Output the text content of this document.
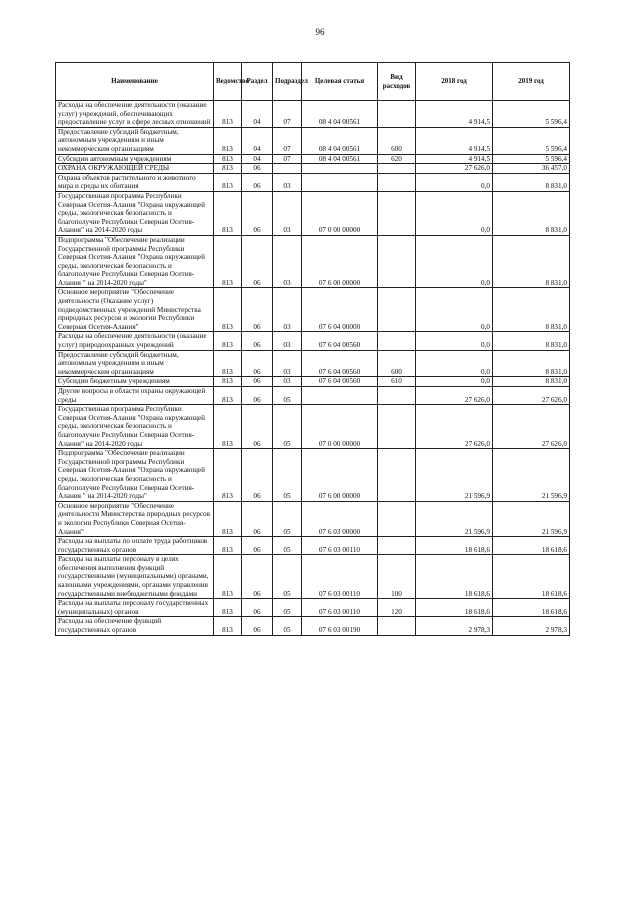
96
Наименование	Ведомство	Раздел	Подраздел	Целевая статья	Вид расходов	2018 год	2019 год
Расходы на обеспечение деятельности (оказание услуг) учреждений, обеспечивающих предоставление услуг в сфере лесных отношений	813	04	07	08 4 04 00561		4 914,5	5 596,4
Предоставление субсидий бюджетным, автономным учреждениям и иным некоммерческим организациям	813	04	07	08 4 04 00561	600	4 914,5	5 596,4
Субсидии автономным учреждениям	813	04	07	08 4 04 00561	620	4 914,5	5 596,4
ОХРАНА ОКРУЖАЮЩЕЙ СРЕДЫ	813	06				27 626,0	36 457,0
Охрана объектов растительного и животного мира и среды их обитания	813	06	03			0,0	8 831,0
Государственная программа Республики Северная Осетия-Алания "Охрана окружающей среды, экологическая безопасность и благополучие Республики Северная Осетия-Алания" на 2014-2020 годы	813	06	03	07 0 00 00000		0,0	8 831,0
Подпрограмма "Обеспечение реализации Государственной программы Республики Северная Осетия-Алания "Охрана окружающей среды, экологическая безопасность и благополучие Республики Северная Осетия-Алания " на 2014-2020 годы"	813	06	03	07 6 00 00000		0,0	8 831,0
Основное мероприятие "Обеспечение деятельности (Оказание услуг) подведомственных учреждений Министерства природных ресурсов и экологии Республики Северная Осетия-Алания"	813	06	03	07 6 04 00000		0,0	8 831,0
Расходы на обеспечение деятельности (оказание услуг) природоохранных учреждений	813	06	03	07 6 04 00560		0,0	8 831,0
Предоставление субсидий бюджетным, автономным учреждениям и иным некоммерческим организациям	813	06	03	07 6 04 00560	600	0,0	8 831,0
Субсидии бюджетным учреждениям	813	06	03	07 6 04 00560	610	0,0	8 831,0
Другие вопросы в области охраны окружающей среды	813	06	05			27 626,0	27 626,0
Государственная программа Республики Северная Осетия-Алания "Охрана окружающей среды, экологическая безопасность и благополучие Республики Северная Осетия-Алания" на 2014-2020 годы	813	06	05	07 0 00 00000		27 626,0	27 626,0
Подпрограмма "Обеспечение реализации Государственной программы Республики Северная Осетия-Алания "Охрана окружающей среды, экологическая безопасность и благополучие Республики Северная Осетия-Алания " на 2014-2020 годы"	813	06	05	07 6 00 00000		21 596,9	21 596,9
Основное мероприятие "Обеспечение деятельности Министерства природных ресурсов и экологии Республики Северная Осетия-Алания"	813	06	05	07 6 03 00000		21 596,9	21 596,9
Расходы на выплаты по оплате труда работников государственных органов	813	06	05	07 6 03 00110		18 618,6	18 618,6
Расходы на выплаты персоналу в целях обеспечения выполнения функций государственными (муниципальными) органами, казенными учреждениями, органами управления государственными внебюджетными фондами	813	06	05	07 6 03 00110	100	18 618,6	18 618,6
Расходы на выплаты персоналу государственных (муниципальных) органов	813	06	05	07 6 03 00110	120	18 618,6	18 618,6
Расходы на обеспечение функций государственных органов	813	06	05	07 6 03 00190		2 978,3	2 978,3
